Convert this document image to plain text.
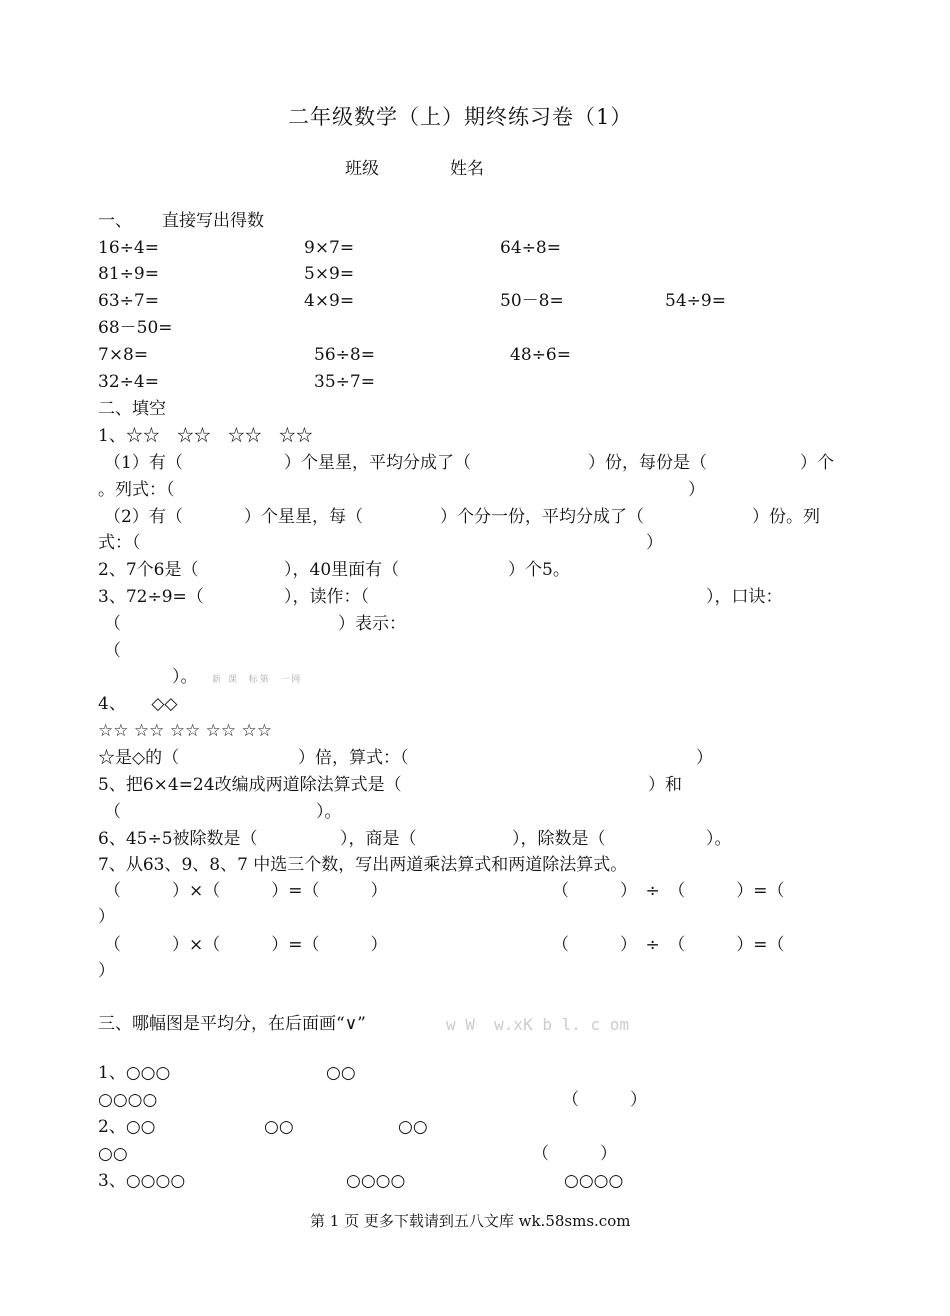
二年级数学（上）期终练习卷（1）
班级	姓名
一、 直接写出得数
16÷4=	9×7=	64÷8=
81÷9=	5×9=
63÷7=	4×9=	50－8=	54÷9=
68－50=
7×8=	56÷8=	48÷6=
32÷4=	35÷7=
二、填空
1、☆☆　☆☆　☆☆　☆☆
（1）有（	）个星星，平均分成了（	）份，每份是（	）个
。列式：（	）
（2）有（	）个星星，每（	）个分一份，平均分成了（	）份。列
式：（	）
2、7个6是（	），40里面有（	）个5。
3、72÷9=（	），读作：（	），口诀：
（	）表示：
（
）。 新 课  标第  一网
4、　　◇◇
☆☆ ☆☆ ☆☆ ☆☆ ☆☆
☆是◇的（	）倍，算式：（	）
5、把6×4=24改编成两道除法算式是（	）和
（	）。
6、45÷5被除数是（	），商是（	），除数是（	）。
7、从63、9、8、7 中选三个数，写出两道乘法算式和两道除法算式。
（　　　）×（　　　）=（　　　）	（　　　）　÷　（　　　）=（
）
（　　　）×（　　　）=（　　　）	（　　　）　÷　（　　　）=（
）
三、哪幅图是平均分，在后面画“∨”	w W  w.xK b l. c om
1、○○○	○○
○○○○	（　　　）
2、○○	○○	○○
○○	（　　　）
3、○○○○	○○○○	○○○○
第 1 页 更多下载请到五八文库 wk.58sms.com
